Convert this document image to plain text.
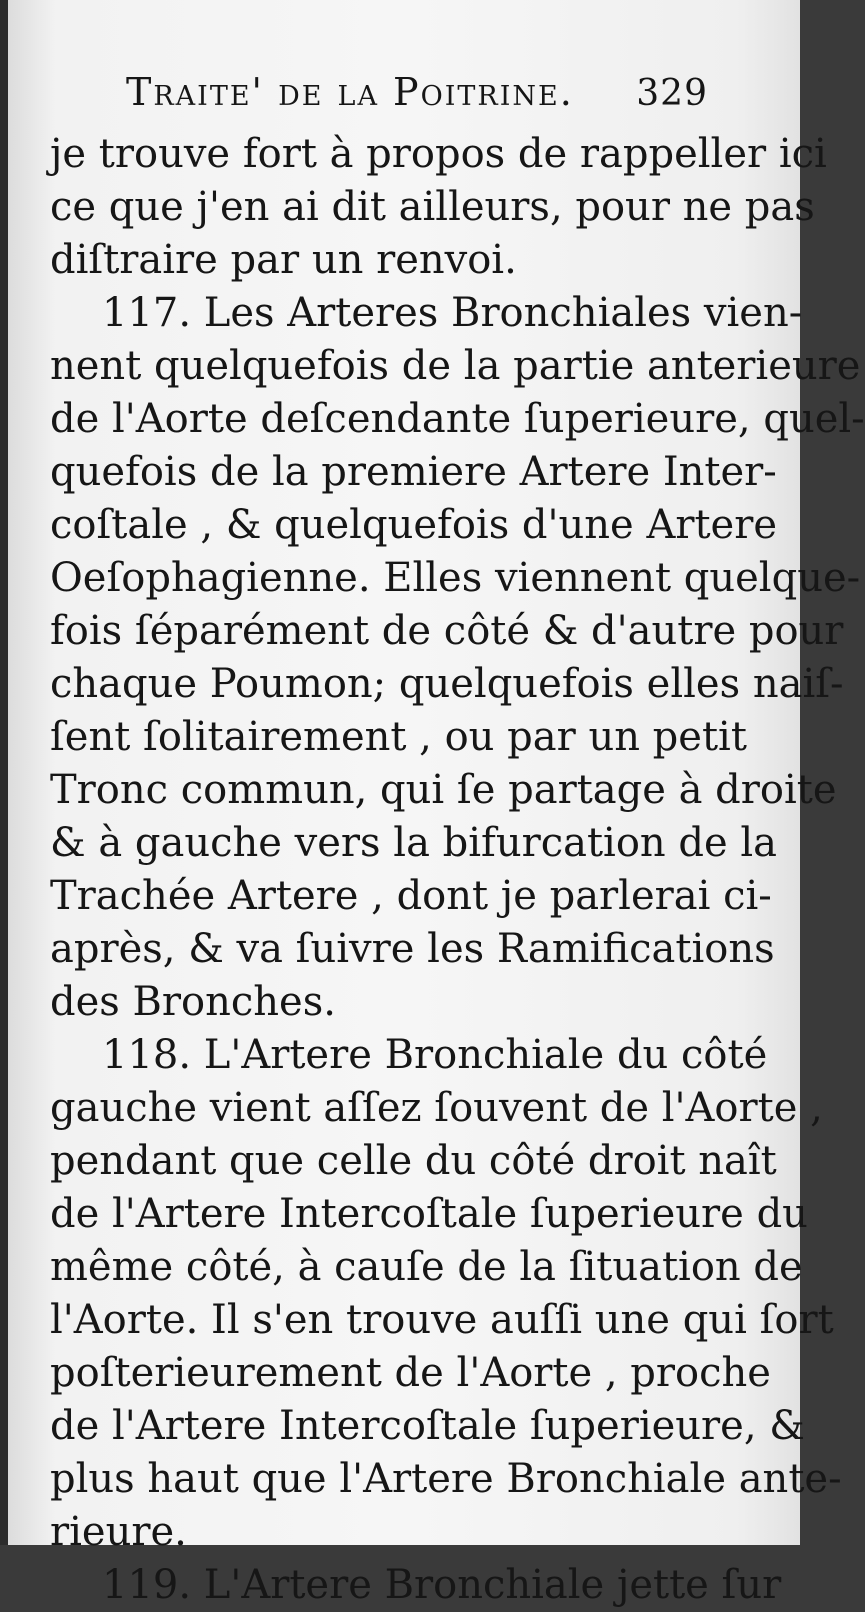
Traite' de la Poitrine. 329
je trouve fort à propos de rappeller ici
ce que j'en ai dit ailleurs, pour ne pas
diſtraire par un renvoi.
117. Les Arteres Bronchiales vien-
nent quelquefois de la partie anterieure
de l'Aorte deſcendante ſuperieure, quel-
quefois de la premiere Artere Inter-
coſtale , & quelquefois d'une Artere
Oeſophagienne. Elles viennent quelque-
fois ſéparément de côté & d'autre pour
chaque Poumon; quelquefois elles naiſ-
ſent ſolitairement , ou par un petit
Tronc commun, qui ſe partage à droite
& à gauche vers la bifurcation de la
Trachée Artere , dont je parlerai ci-
après, & va ſuivre les Ramifications
des Bronches.
118. L'Artere Bronchiale du côté
gauche vient aſſez ſouvent de l'Aorte ,
pendant que celle du côté droit naît
de l'Artere Intercoſtale ſuperieure du
même côté, à cauſe de la ſituation de
l'Aorte. Il s'en trouve auſſi une qui ſort
poſterieurement de l'Aorte , proche
de l'Artere Intercoſtale ſuperieure, &
plus haut que l'Artere Bronchiale ante-
rieure.
119. L'Artere Bronchiale jette ſur
